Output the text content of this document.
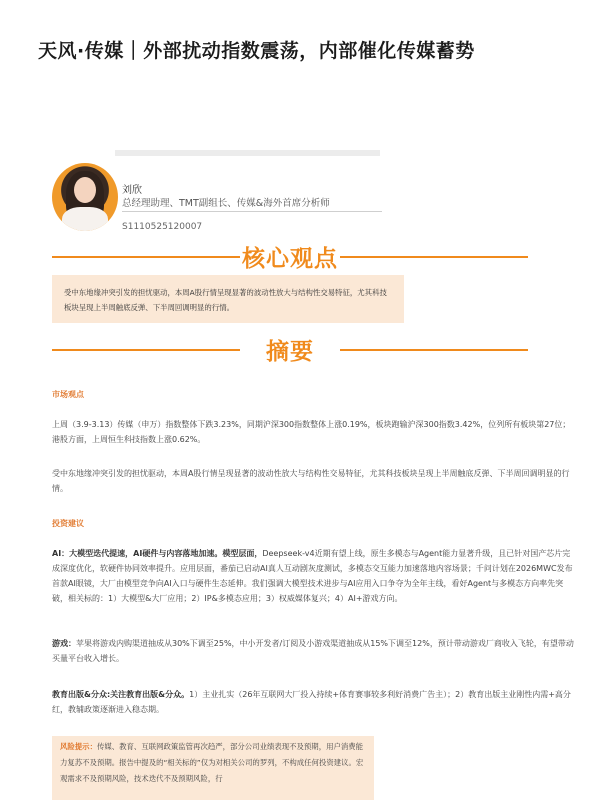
天风·传媒｜外部扰动指数震荡，内部催化传媒蓄势
刘欣
总经理助理、TMT副组长、传媒&海外首席分析师
S1110525120007
核心观点
受中东地缘冲突引发的担忧驱动，本周A股行情呈现显著的波动性放大与结构性交易特征，尤其科技板块呈现上半周触底反弹、下半周回调明显的行情。
摘要
市场观点
上周（3.9-3.13）传媒（申万）指数整体下跌3.23%，同期沪深300指数整体上涨0.19%，板块跑输沪深300指数3.42%，位列所有板块第27位；港股方面，上周恒生科技指数上涨0.62%。
受中东地缘冲突引发的担忧驱动，本周A股行情呈现显著的波动性放大与结构性交易特征，尤其科技板块呈现上半周触底反弹、下半周回调明显的行情。
投资建议
AI：大模型迭代提速，AI硬件与内容落地加速。模型层面，Deepseek-v4近期有望上线，原生多模态与Agent能力显著升级，且已针对国产芯片完成深度优化，软硬件协同效率提升。应用层面，番茄已启动AI真人互动剧灰度测试，多模态交互能力加速落地内容场景；千问计划在2026MWC发布首款AI眼镜，大厂由模型竞争向AI入口与硬件生态延伸。我们强调大模型技术进步与AI应用入口争夺为全年主线，看好Agent与多模态方向率先突破，相关标的：1）大模型&大厂应用；2）IP&多模态应用；3）权威媒体复兴；4）AI+游戏方向。
游戏：苹果将游戏内购渠道抽成从30%下调至25%，中小开发者/订阅及小游戏渠道抽成从15%下调至12%，预计带动游戏厂商收入飞轮，有望带动买量平台收入增长。
教育出版&分众:关注教育出版&分众。1）主业扎实（26年互联网大厂投入持续+体育赛事较多利好消费广告主）；2）教育出版主业刚性内需+高分红，教辅政策逐渐进入稳态期。
风险提示：传媒、教育、互联网政策监管再次趋严，部分公司业绩表现不及预期，用户消费能力复苏不及预期。报告中提及的“相关标的”仅为对相关公司的罗列，不构成任何投资建议。宏观需求不及预期风险，技术迭代不及预期风险，行
